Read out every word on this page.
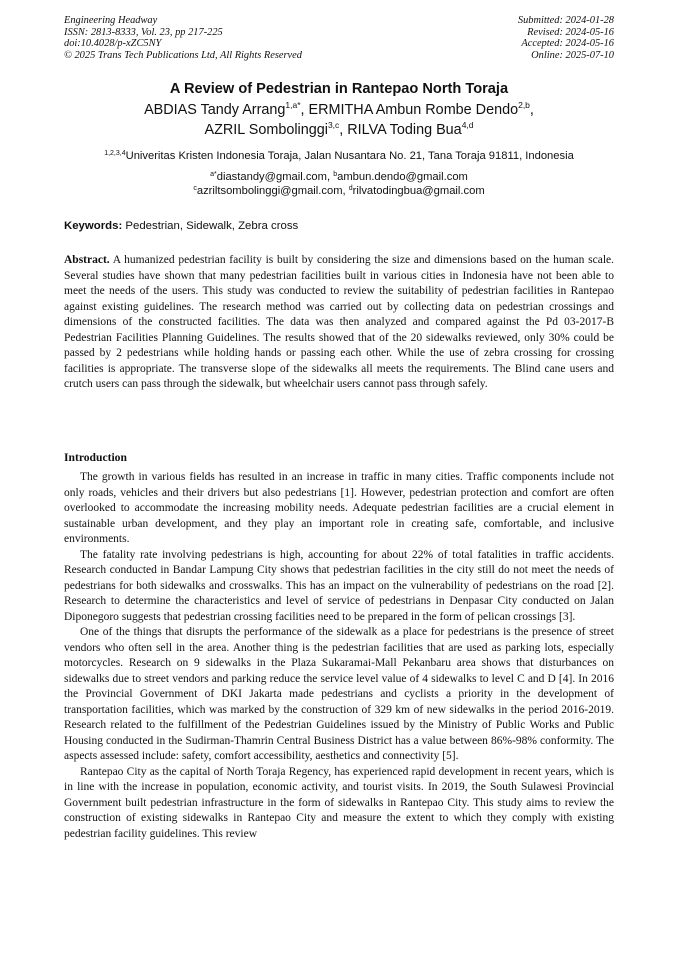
Engineering Headway
ISSN: 2813-8333, Vol. 23, pp 217-225
doi:10.4028/p-xZC5NY
© 2025 Trans Tech Publications Ltd, All Rights Reserved
Submitted: 2024-01-28
Revised: 2024-05-16
Accepted: 2024-05-16
Online: 2025-07-10
A Review of Pedestrian in Rantepao North Toraja
ABDIAS Tandy Arrang$^{1,a*}$, ERMITHA Ambun Rombe Dendo$^{2,b}$,
AZRIL Sombolinggi$^{3,c}$, RILVA Toding Bua$^{4,d}$
$^{1,2,3,4}$Univeritas Kristen Indonesia Toraja, Jalan Nusantara No. 21, Tana Toraja 91811, Indonesia
$^{a*}$diastandy@gmail.com, $^b$ambun.dendo@gmail.com
$^c$azriltsombolinggi@gmail.com, $^d$rilvatodingbua@gmail.com
Keywords: Pedestrian, Sidewalk, Zebra cross
Abstract. A humanized pedestrian facility is built by considering the size and dimensions based on the human scale. Several studies have shown that many pedestrian facilities built in various cities in Indonesia have not been able to meet the needs of the users. This study was conducted to review the suitability of pedestrian facilities in Rantepao against existing guidelines. The research method was carried out by collecting data on pedestrian crossings and dimensions of the constructed facilities. The data was then analyzed and compared against the Pd 03-2017-B Pedestrian Facilities Planning Guidelines. The results showed that of the 20 sidewalks reviewed, only 30% could be passed by 2 pedestrians while holding hands or passing each other. While the use of zebra crossing for crossing facilities is appropriate. The transverse slope of the sidewalks all meets the requirements. The Blind cane users and crutch users can pass through the sidewalk, but wheelchair users cannot pass through safely.
Introduction

The growth in various fields has resulted in an increase in traffic in many cities. Traffic components include not only roads, vehicles and their drivers but also pedestrians [1]. However, pedestrian protection and comfort are often overlooked to accommodate the increasing mobility needs. Adequate pedestrian facilities are a crucial element in sustainable urban development, and they play an important role in creating safe, comfortable, and inclusive environments.

The fatality rate involving pedestrians is high, accounting for about 22% of total fatalities in traffic accidents. Research conducted in Bandar Lampung City shows that pedestrian facilities in the city still do not meet the needs of pedestrians for both sidewalks and crosswalks. This has an impact on the vulnerability of pedestrians on the road [2]. Research to determine the characteristics and level of service of pedestrians in Denpasar City conducted on Jalan Diponegoro suggests that pedestrian crossing facilities need to be prepared in the form of pelican crossings [3].

One of the things that disrupts the performance of the sidewalk as a place for pedestrians is the presence of street vendors who often sell in the area. Another thing is the pedestrian facilities that are used as parking lots, especially motorcycles. Research on 9 sidewalks in the Plaza Sukaramai-Mall Pekanbaru area shows that disturbances on sidewalks due to street vendors and parking reduce the service level value of 4 sidewalks to level C and D [4]. In 2016 the Provincial Government of DKI Jakarta made pedestrians and cyclists a priority in the development of transportation facilities, which was marked by the construction of 329 km of new sidewalks in the period 2016-2019. Research related to the fulfillment of the Pedestrian Guidelines issued by the Ministry of Public Works and Public Housing conducted in the Sudirman-Thamrin Central Business District has a value between 86%-98% conformity. The aspects assessed include: safety, comfort accessibility, aesthetics and connectivity [5].

Rantepao City as the capital of North Toraja Regency, has experienced rapid development in recent years, which is in line with the increase in population, economic activity, and tourist visits. In 2019, the South Sulawesi Provincial Government built pedestrian infrastructure in the form of sidewalks in Rantepao City. This study aims to review the construction of existing sidewalks in Rantepao City and measure the extent to which they comply with existing pedestrian facility guidelines. This review
